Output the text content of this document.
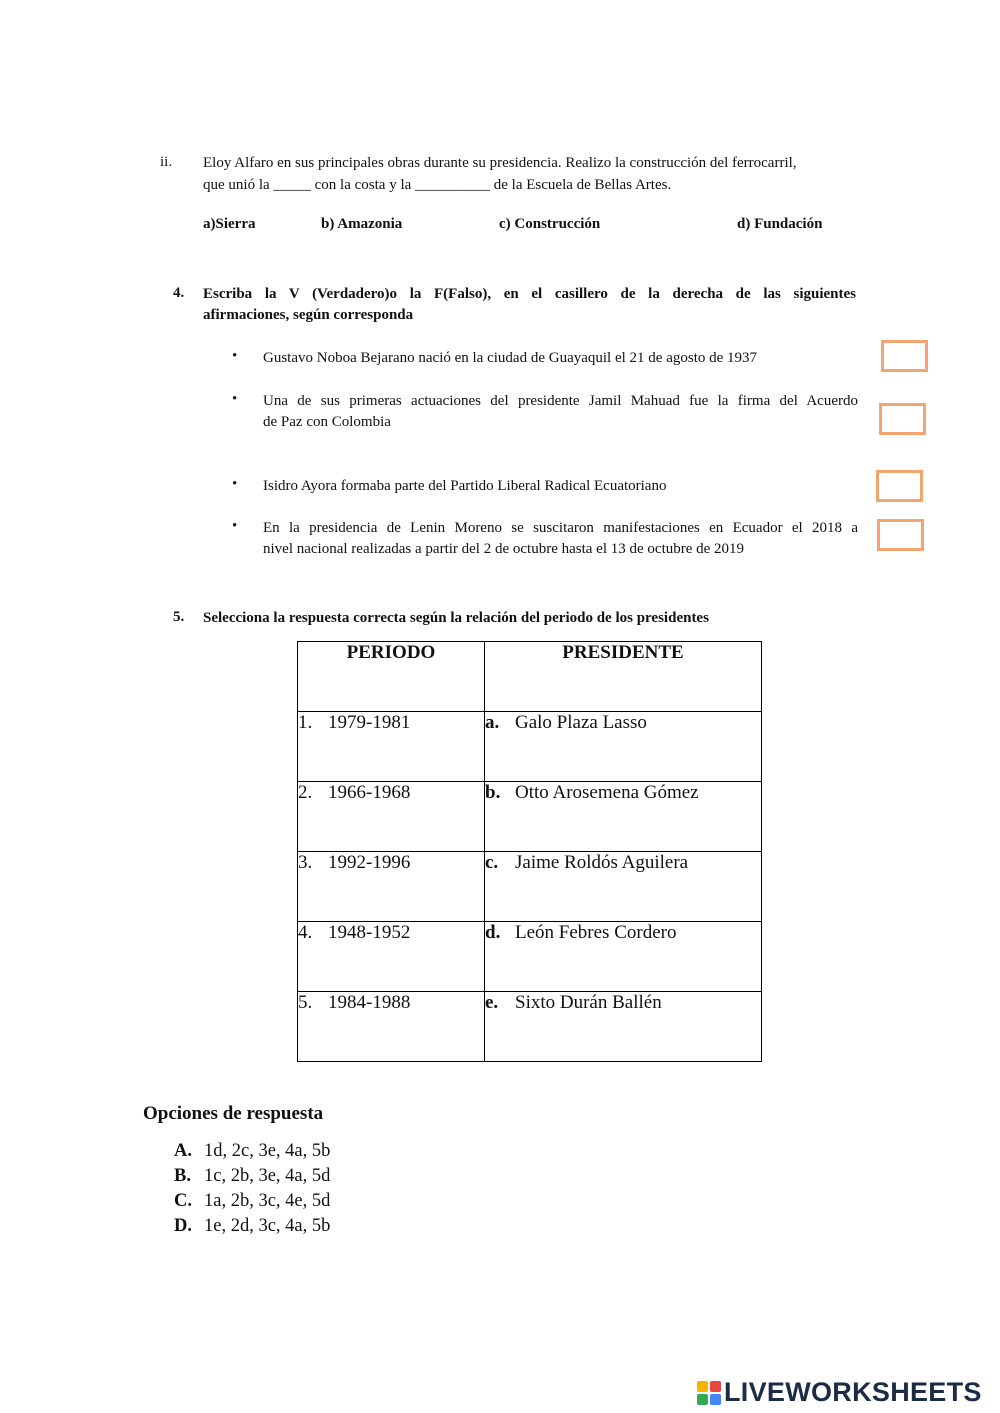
ii. Eloy Alfaro en sus principales obras durante su presidencia. Realizo la construcción del ferrocarril,
que unió la _____ con la costa y la __________ de la Escuela de Bellas Artes.
a)Sierra	b) Amazonia	c) Construcción	d) Fundación
4. Escriba la V (Verdadero)o la F(Falso), en el casillero de la derecha de las siguientes
afirmaciones, según corresponda
• Gustavo Noboa Bejarano nació en la ciudad de Guayaquil el 21 de agosto de 1937
• Una de sus primeras actuaciones del presidente Jamil Mahuad fue la firma del Acuerdo
de Paz con Colombia
• Isidro Ayora formaba parte del Partido Liberal Radical Ecuatoriano
• En la presidencia de Lenin Moreno se suscitaron manifestaciones en Ecuador el 2018 a
nivel nacional realizadas a partir del 2 de octubre hasta el 13 de octubre de 2019
5. Selecciona la respuesta correcta según la relación del periodo de los presidentes
PERIODO	PRESIDENTE
1. 1979-1981	a. Galo Plaza Lasso
2. 1966-1968	b. Otto Arosemena Gómez
3. 1992-1996	c. Jaime Roldós Aguilera
4. 1948-1952	d. León Febres Cordero
5. 1984-1988	e. Sixto Durán Ballén
Opciones de respuesta
A. 1d, 2c, 3e, 4a, 5b
B. 1c, 2b, 3e, 4a, 5d
C. 1a, 2b, 3c, 4e, 5d
D. 1e, 2d, 3c, 4a, 5b
LIVEWORKSHEETS
